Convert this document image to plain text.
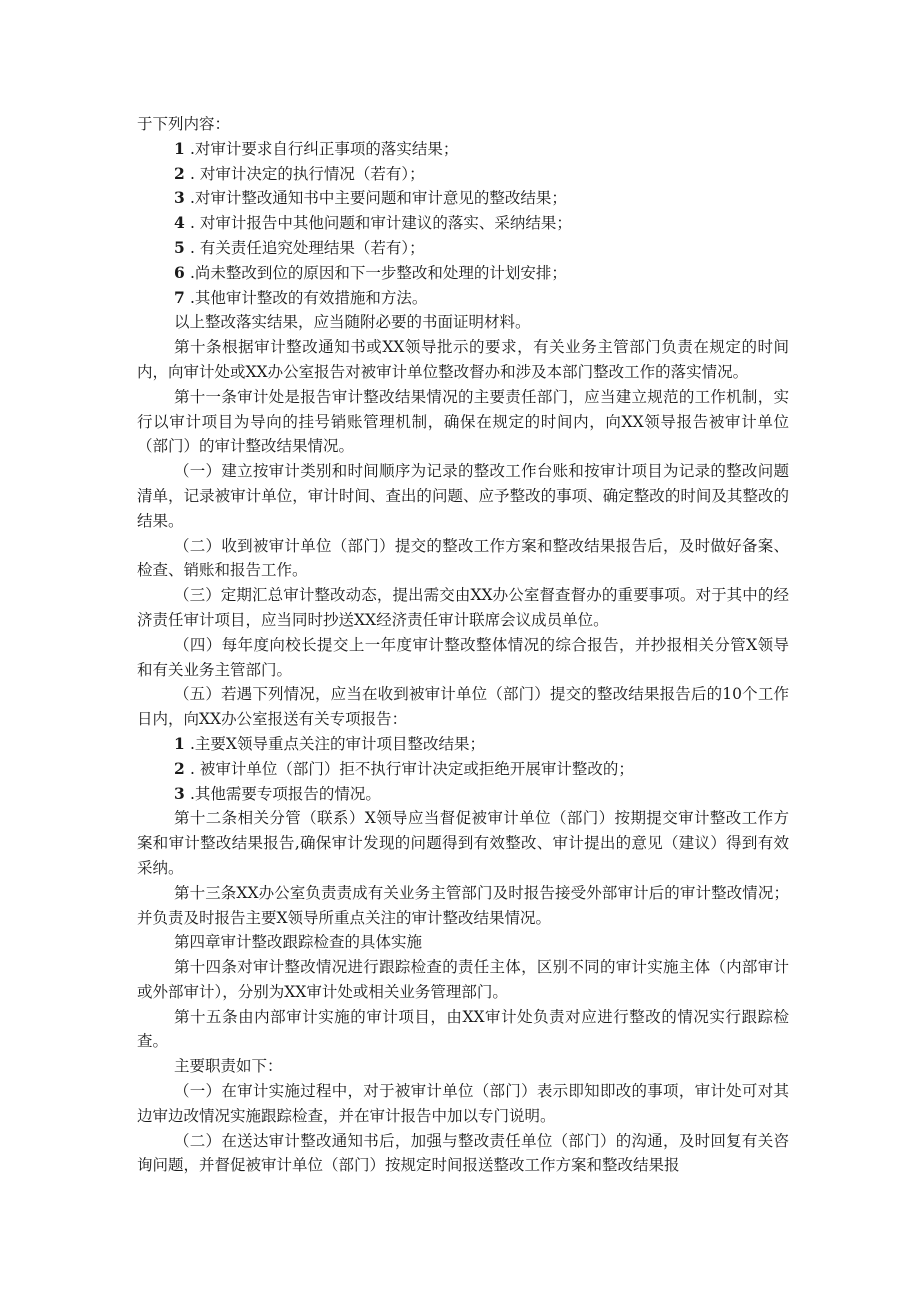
于下列内容：

1 .对审计要求自行纠正事项的落实结果；

2 . 对审计决定的执行情况（若有）；

3 .对审计整改通知书中主要问题和审计意见的整改结果；

4 . 对审计报告中其他问题和审计建议的落实、采纳结果；

5 . 有关责任追究处理结果（若有）；

6 .尚未整改到位的原因和下一步整改和处理的计划安排；

7 .其他审计整改的有效措施和方法。

以上整改落实结果，应当随附必要的书面证明材料。

第十条根据审计整改通知书或XX领导批示的要求，有关业务主管部门负责在规定的时间内，向审计处或XX办公室报告对被审计单位整改督办和涉及本部门整改工作的落实情况。

第十一条审计处是报告审计整改结果情况的主要责任部门，应当建立规范的工作机制，实行以审计项目为导向的挂号销账管理机制，确保在规定的时间内，向XX领导报告被审计单位（部门）的审计整改结果情况。

（一）建立按审计类别和时间顺序为记录的整改工作台账和按审计项目为记录的整改问题清单，记录被审计单位，审计时间、查出的问题、应予整改的事项、确定整改的时间及其整改的结果。

（二）收到被审计单位（部门）提交的整改工作方案和整改结果报告后，及时做好备案、检查、销账和报告工作。

（三）定期汇总审计整改动态，提出需交由XX办公室督查督办的重要事项。对于其中的经济责任审计项目，应当同时抄送XX经济责任审计联席会议成员单位。

（四）每年度向校长提交上一年度审计整改整体情况的综合报告，并抄报相关分管X领导和有关业务主管部门。

（五）若遇下列情况，应当在收到被审计单位（部门）提交的整改结果报告后的10个工作日内，向XX办公室报送有关专项报告：

1 .主要X领导重点关注的审计项目整改结果；

2 . 被审计单位（部门）拒不执行审计决定或拒绝开展审计整改的；

3 .其他需要专项报告的情况。

第十二条相关分管（联系）X领导应当督促被审计单位（部门）按期提交审计整改工作方案和审计整改结果报告,确保审计发现的问题得到有效整改、审计提出的意见（建议）得到有效采纳。

第十三条XX办公室负责责成有关业务主管部门及时报告接受外部审计后的审计整改情况；并负责及时报告主要X领导所重点关注的审计整改结果情况。

第四章审计整改跟踪检查的具体实施

第十四条对审计整改情况进行跟踪检查的责任主体，区别不同的审计实施主体（内部审计或外部审计），分别为XX审计处或相关业务管理部门。

第十五条由内部审计实施的审计项目，由XX审计处负责对应进行整改的情况实行跟踪检查。

主要职责如下：

（一）在审计实施过程中，对于被审计单位（部门）表示即知即改的事项，审计处可对其边审边改情况实施跟踪检查，并在审计报告中加以专门说明。

（二）在送达审计整改通知书后，加强与整改责任单位（部门）的沟通，及时回复有关咨询问题，并督促被审计单位（部门）按规定时间报送整改工作方案和整改结果报
